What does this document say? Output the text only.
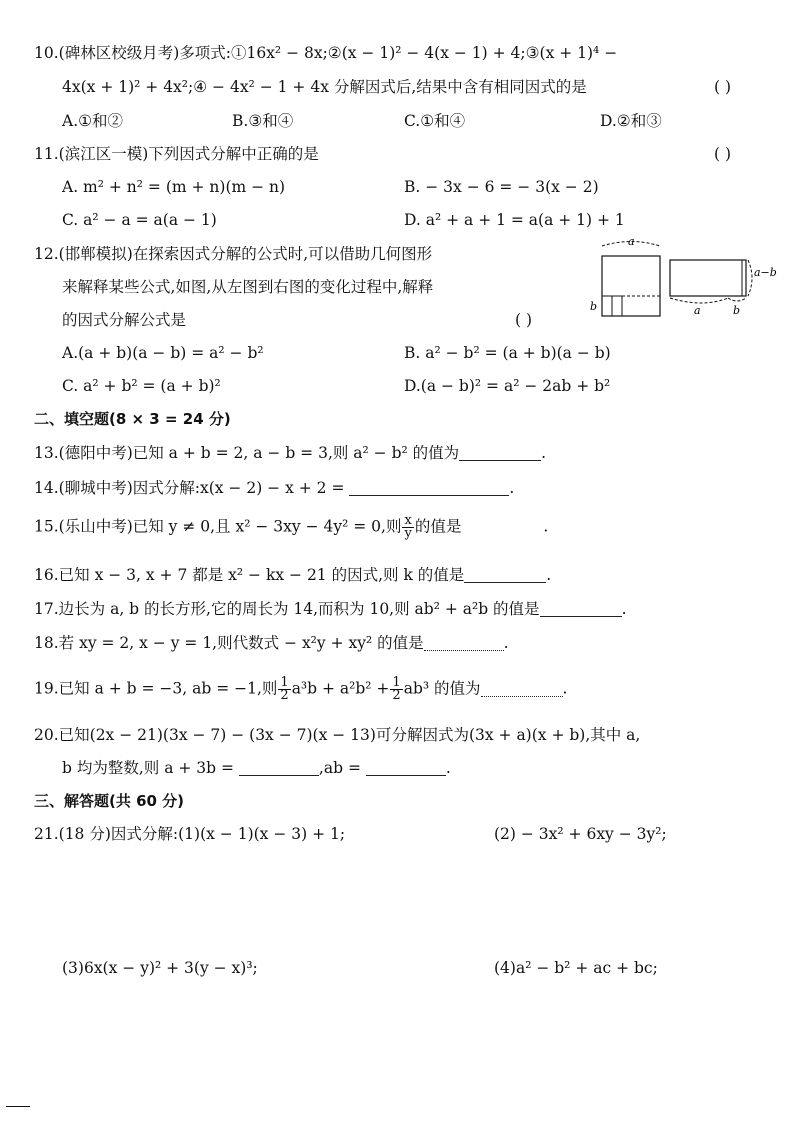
10.(碑林区校级月考)多项式:①16x² − 8x;②(x − 1)² − 4(x − 1) + 4;③(x + 1)⁴ −
4x(x + 1)² + 4x²;④ − 4x² − 1 + 4x 分解因式后,结果中含有相同因式的是	( )
A.①和②	B.③和④	C.①和④	D.②和③
11.(滨江区一模)下列因式分解中正确的是	( )
A. m² + n² = (m + n)(m − n)	B. − 3x − 6 = − 3(x − 2)
C. a² − a = a(a − 1)	D. a² + a + 1 = a(a + 1) + 1
12.(邯郸模拟)在探索因式分解的公式时,可以借助几何图形
来解释某些公式,如图,从左图到右图的变化过程中,解释
的因式分解公式是	( )
a
b	a	b
a−b
A.(a + b)(a − b) = a² − b²	B. a² − b² = (a + b)(a − b)
C. a² + b² = (a + b)²	D.(a − b)² = a² − 2ab + b²
二、填空题(8 × 3 = 24 分)
13.(德阳中考)已知 a + b = 2, a − b = 3,则 a² − b² 的值为	.
14.(聊城中考)因式分解:x(x − 2) − x + 2 =	.
15.(乐山中考)已知 y ≠ 0,且 x² − 3xy − 4y² = 0,则 $\frac{x}{y}$ 的值是	.
16.已知 x − 3, x + 7 都是 x² − kx − 21 的因式,则 k 的值是	.
17.边长为 a, b 的长方形,它的周长为 14,而积为 10,则 ab² + a²b 的值是	.
18.若 xy = 2, x − y = 1,则代数式 − x²y + xy² 的值是	.
19.已知 a + b = −3, ab = −1,则 $\frac{1}{2} a^3b + a^2b^2 + \frac{1}{2} ab^3$ 的值为	.
20.已知(2x − 21)(3x − 7) − (3x − 7)(x − 13)可分解因式为(3x + a)(x + b),其中 a,
b 均为整数,则 a + 3b =	,ab =	.
三、解答题(共 60 分)
21.(18 分)因式分解:(1)(x − 1)(x − 3) + 1;	(2) − 3x² + 6xy − 3y²;
(3)6x(x − y)² + 3(y − x)³;	(4)a² − b² + ac + bc;
